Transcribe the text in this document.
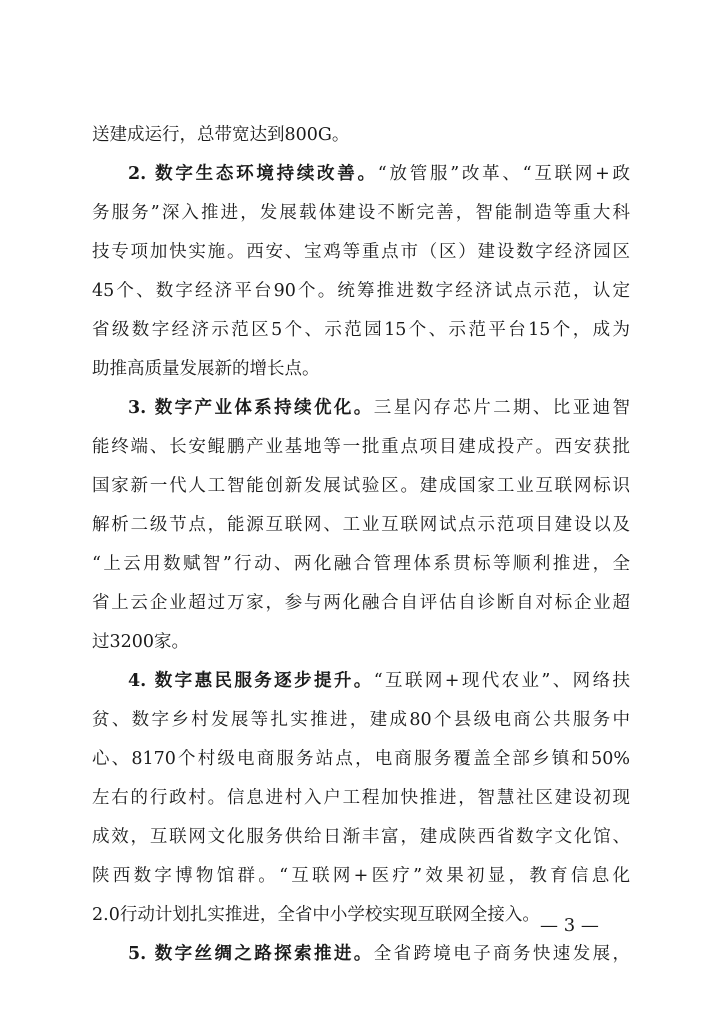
送建成运行，总带宽达到800G。
2. 数字生态环境持续改善。“放管服”改革、“互联网+政
务服务”深入推进，发展载体建设不断完善，智能制造等重大科
技专项加快实施。西安、宝鸡等重点市（区）建设数字经济园区
45个、数字经济平台90个。统筹推进数字经济试点示范，认定
省级数字经济示范区5个、示范园15个、示范平台15个，成为
助推高质量发展新的增长点。
3. 数字产业体系持续优化。三星闪存芯片二期、比亚迪智
能终端、长安鲲鹏产业基地等一批重点项目建成投产。西安获批
国家新一代人工智能创新发展试验区。建成国家工业互联网标识
解析二级节点，能源互联网、工业互联网试点示范项目建设以及
“上云用数赋智”行动、两化融合管理体系贯标等顺利推进，全
省上云企业超过万家，参与两化融合自评估自诊断自对标企业超
过3200家。
4. 数字惠民服务逐步提升。“互联网+现代农业”、网络扶
贫、数字乡村发展等扎实推进，建成80个县级电商公共服务中
心、8170个村级电商服务站点，电商服务覆盖全部乡镇和50%
左右的行政村。信息进村入户工程加快推进，智慧社区建设初现
成效，互联网文化服务供给日渐丰富，建成陕西省数字文化馆、
陕西数字博物馆群。“互联网+医疗”效果初显，教育信息化
2.0行动计划扎实推进，全省中小学校实现互联网全接入。
5. 数字丝绸之路探索推进。全省跨境电子商务快速发展，
— 3 —
